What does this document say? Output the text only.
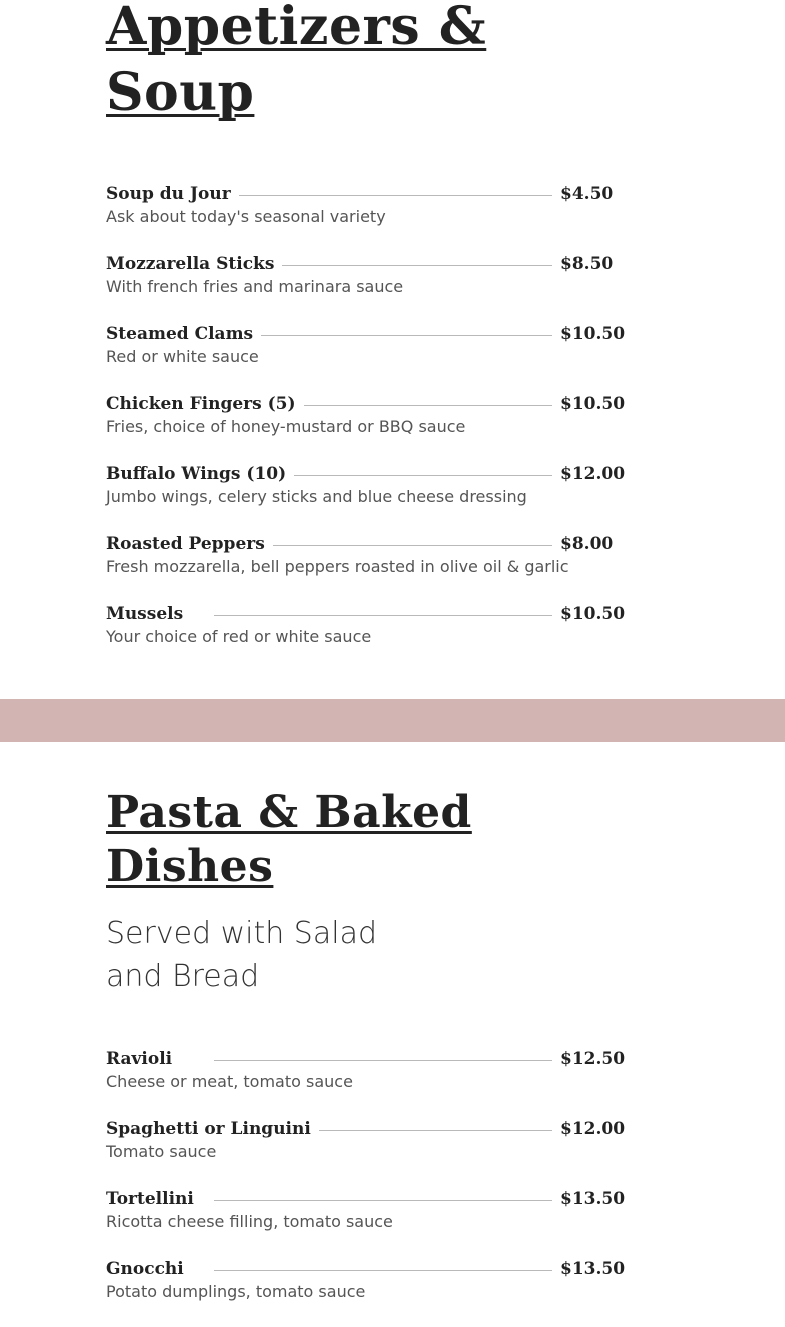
Appetizers & Soup
Soup du Jour	$4.50
Ask about today's seasonal variety
Mozzarella Sticks	$8.50
With french fries and marinara sauce
Steamed Clams	$10.50
Red or white sauce
Chicken Fingers (5)	$10.50
Fries, choice of honey-mustard or BBQ sauce
Buffalo Wings (10)	$12.00
Jumbo wings, celery sticks and blue cheese dressing
Roasted Peppers	$8.00
Fresh mozzarella, bell peppers roasted in olive oil & garlic
Mussels	$10.50
Your choice of red or white sauce
Pasta & Baked Dishes

Served with Salad and Bread

Ravioli	$12.50
Cheese or meat, tomato sauce
Spaghetti or Linguini	$12.00
Tomato sauce
Tortellini	$13.50
Ricotta cheese filling, tomato sauce
Gnocchi	$13.50
Potato dumplings, tomato sauce
